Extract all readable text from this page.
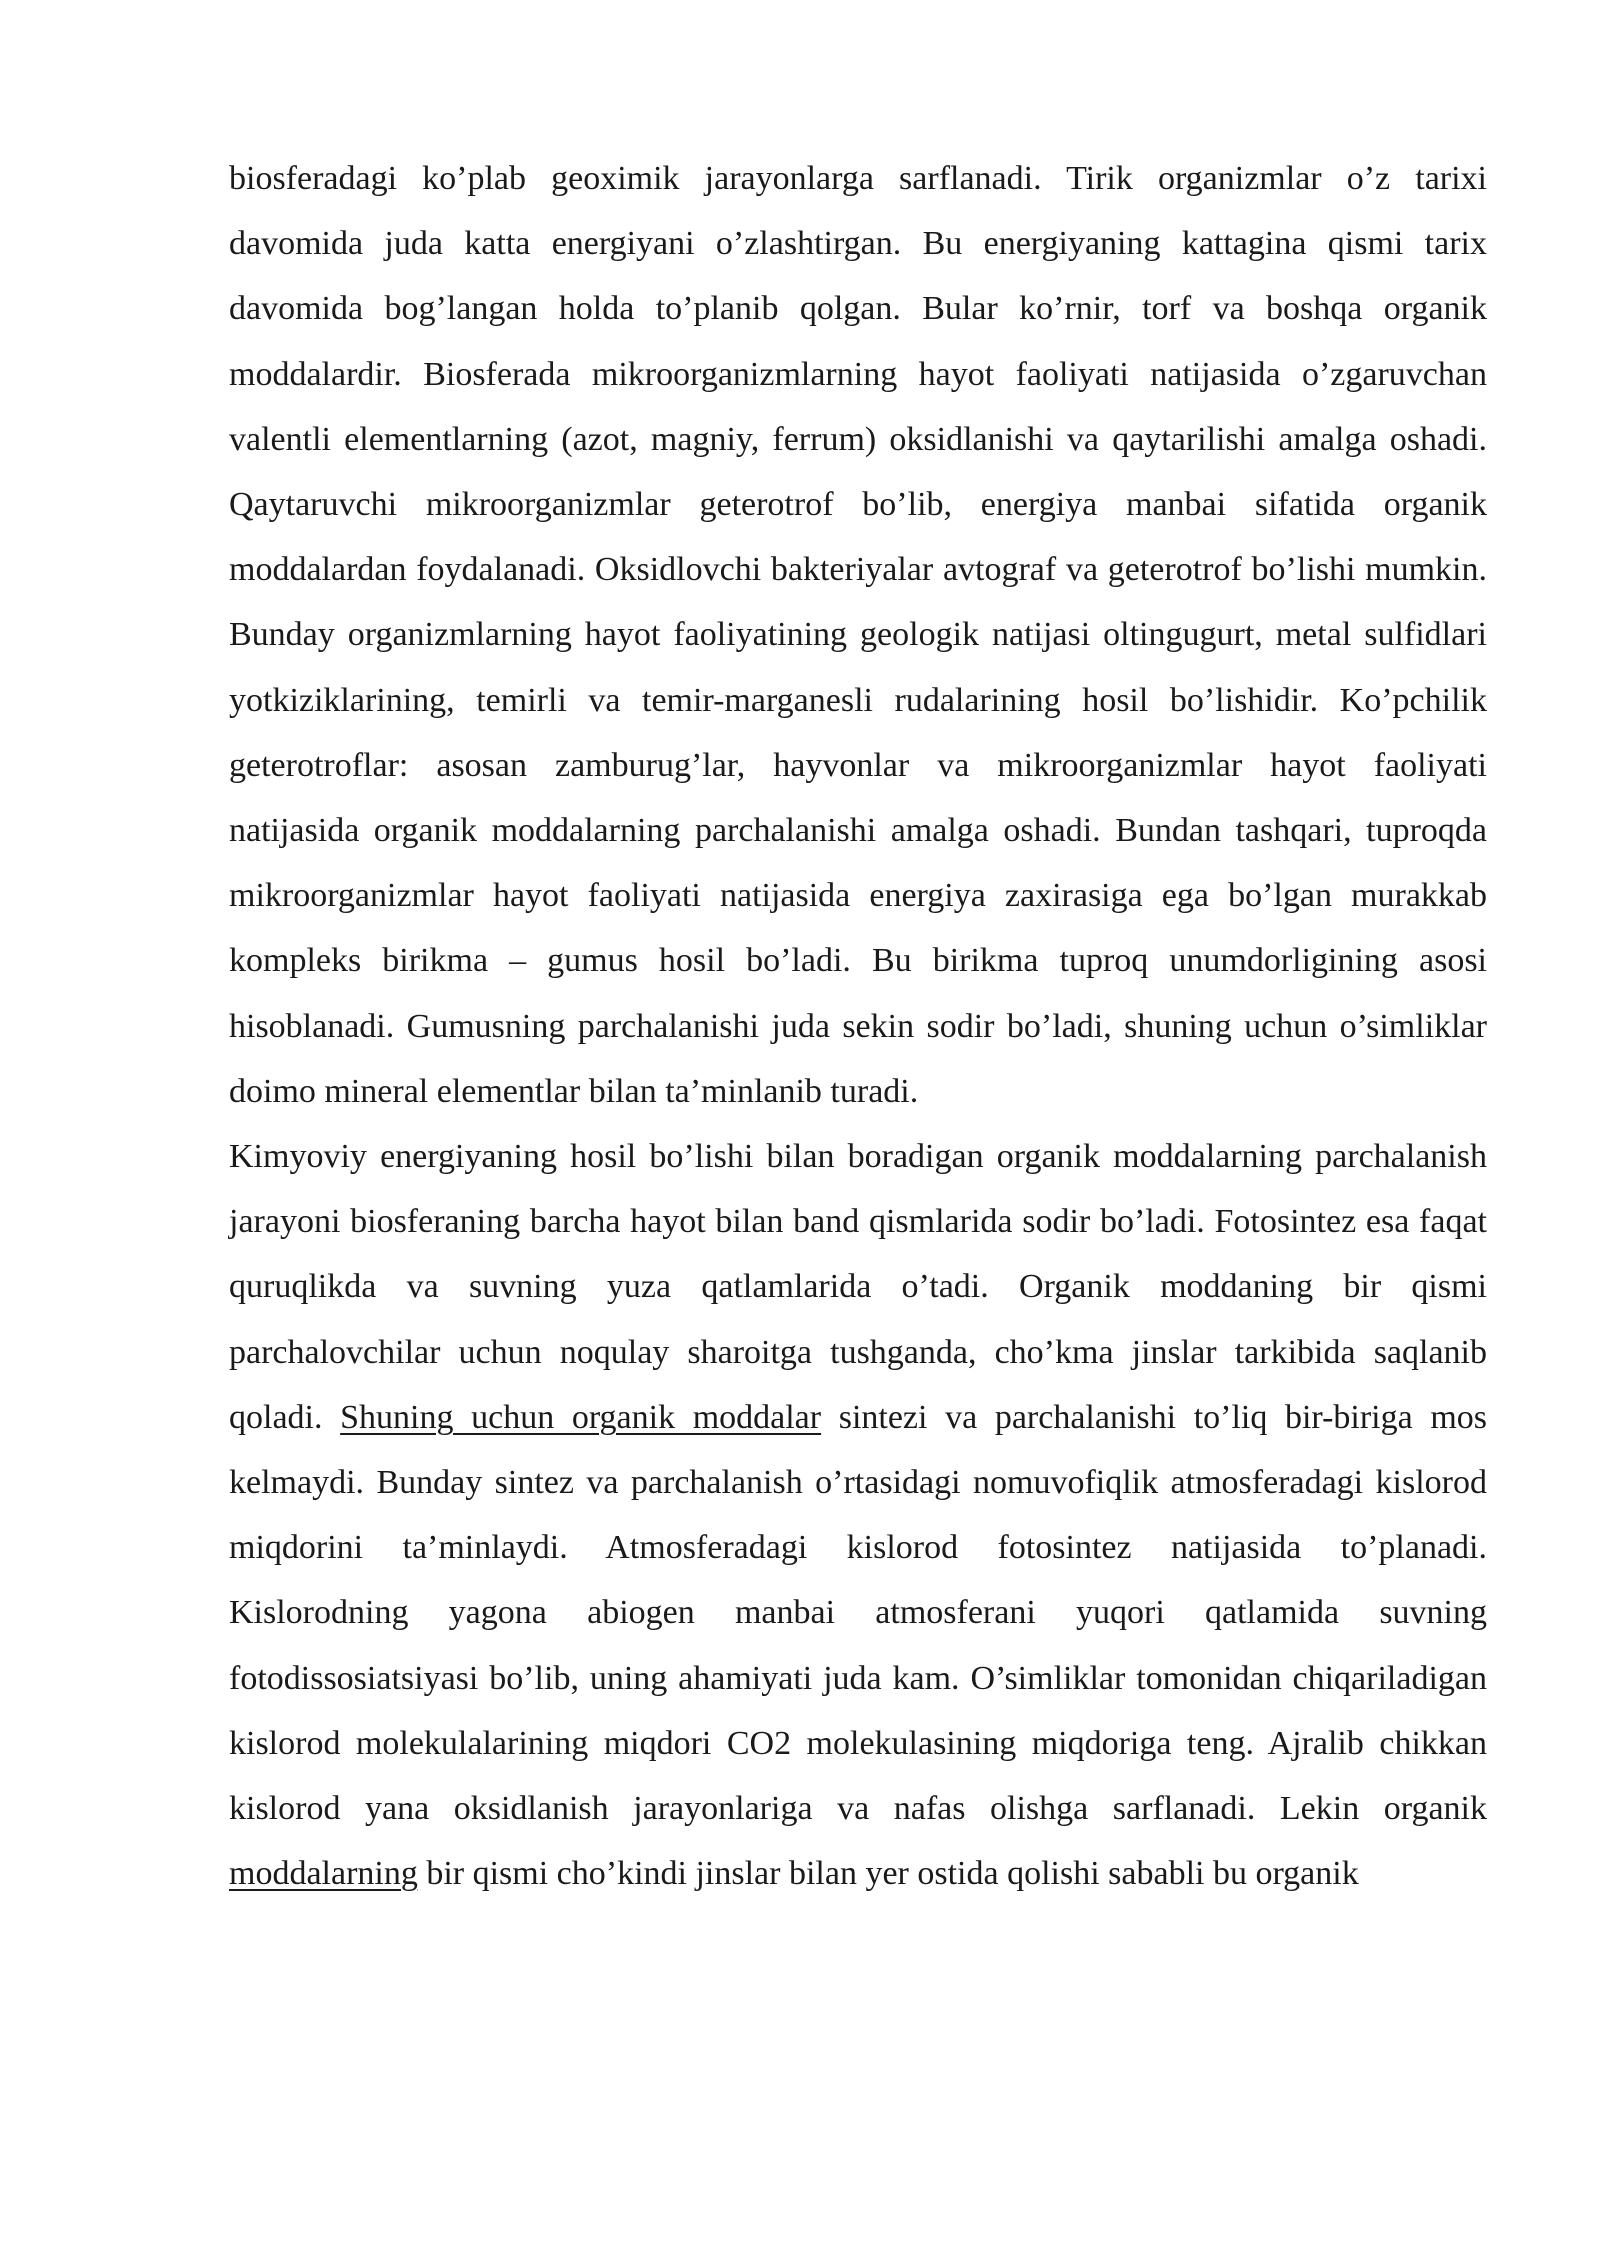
biosferadagi ko’plab geoximik jarayonlarga sarflanadi. Tirik organizmlar o’z tarixi davomida juda katta energiyani o’zlashtirgan. Bu energiyaning kattagina qismi tarix davomida bog’langan holda to’planib qolgan. Bular ko’rnir, torf va boshqa organik moddalardir. Biosferada mikroorganizmlarning hayot faoliyati natijasida o’zgaruvchan valentli elementlarning (azot, magniy, ferrum) oksidlanishi va qaytarilishi amalga oshadi. Qaytaruvchi mikroorganizmlar geterotrof bo’lib, energiya manbai sifatida organik moddalardan foydalanadi. Oksidlovchi bakteriyalar avtograf va geterotrof bo’lishi mumkin. Bunday organizmlarning hayot faoliyatining geologik natijasi oltingugurt, metal sulfidlari yotkiziklarining, temirli va temir-marganesli rudalarining hosil bo’lishidir. Ko’pchilik geterotroflar: asosan zamburug’lar, hayvonlar va mikroorganizmlar hayot faoliyati natijasida organik moddalarning parchalanishi amalga oshadi. Bundan tashqari, tuproqda mikroorganizmlar hayot faoliyati natijasida energiya zaxirasiga ega bo’lgan murakkab kompleks birikma – gumus hosil bo’ladi. Bu birikma tuproq unumdorligining asosi hisoblanadi. Gumusning parchalanishi juda sekin sodir bo’ladi, shuning uchun o’simliklar doimo mineral elementlar bilan ta’minlanib turadi.

Kimyoviy energiyaning hosil bo’lishi bilan boradigan organik moddalarning parchalanish jarayoni biosferaning barcha hayot bilan band qismlarida sodir bo’ladi. Fotosintez esa faqat quruqlikda va suvning yuza qatlamlarida o’tadi. Organik moddaning bir qismi parchalovchilar uchun noqulay sharoitga tushganda, cho’kma jinslar tarkibida saqlanib qoladi. Shuning uchun organik moddalar sintezi va parchalanishi to’liq bir-biriga mos kelmaydi. Bunday sintez va parchalanish o’rtasidagi nomuvofiqlik atmosferadagi kislorod miqdorini ta’minlaydi. Atmosferadagi kislorod fotosintez natijasida to’planadi. Kislorodning yagona abiogen manbai atmosferani yuqori qatlamida suvning fotodissosiatsiyasi bo’lib, uning ahamiyati juda kam. O’simliklar tomonidan chiqariladigan kislorod molekulalarining miqdori CO2 molekulasining miqdoriga teng. Ajralib chikkan kislorod yana oksidlanish jarayonlariga va nafas olishga sarflanadi. Lekin organik moddalarning bir qismi cho’kindi jinslar bilan yer ostida qolishi sababli bu organik
